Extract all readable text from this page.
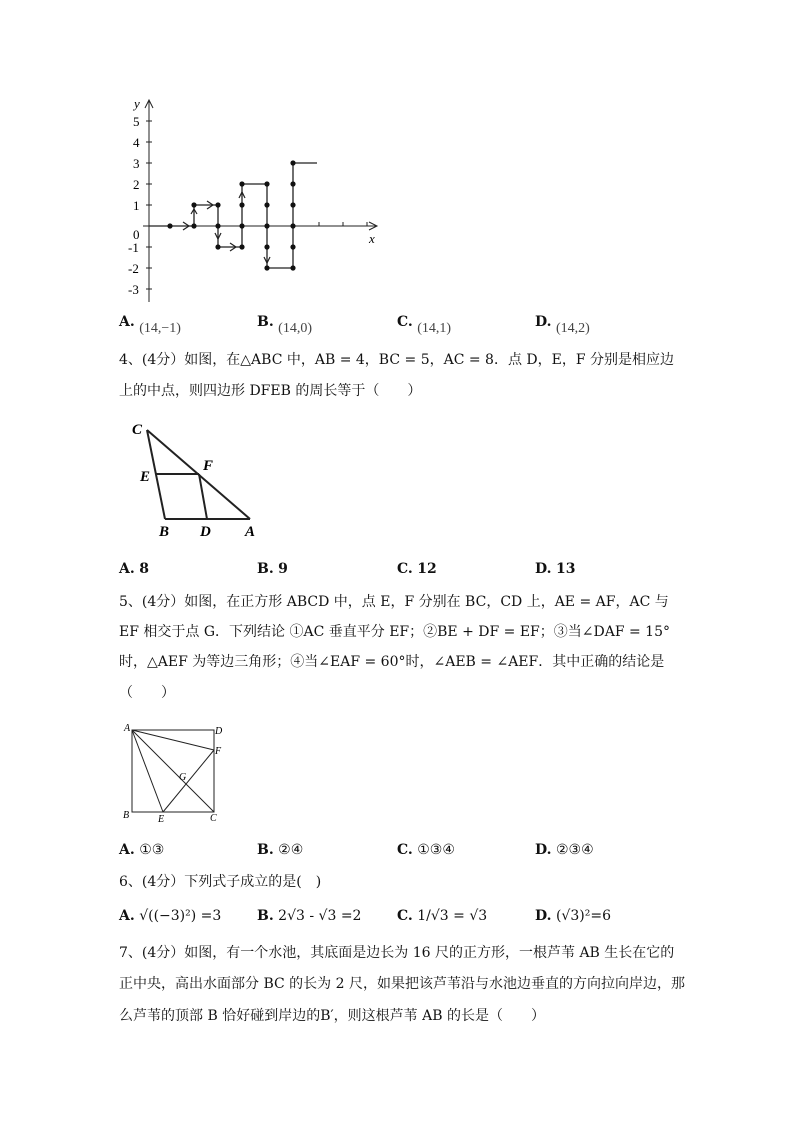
y
x
0
5
4
3
2
1
-1
-2
-3
A. (14,−1)	B. (14,0)	C. (14,1)	D. (14,2)
4、(4分）如图，在△ABC 中，AB = 4，BC = 5，AC = 8．点 D，E，F 分别是相应边
上的中点，则四边形 DFEB 的周长等于（　　）
C
E
F
B D A
A. 8	B. 9	C. 12	D. 13
5、(4分）如图，在正方形 ABCD 中，点 E，F 分别在 BC，CD 上，AE = AF，AC 与
EF 相交于点 G．下列结论 ①AC 垂直平分 EF；②BE + DF = EF；③当∠DAF = 15°
时，△AEF 为等边三角形；④当∠EAF = 60°时，∠AEB = ∠AEF．其中正确的结论是
（　　）
A	D
F
G
B	E	C
A. ①③	B. ②④	C. ①③④	D. ②③④
6、(4分）下列式子成立的是(　)
A. √((−3)²) =3	B. 2√3 - √3 =2	C. 1/√3 = √3	D. (√3)²=6
7、(4分）如图，有一个水池，其底面是边长为 16 尺的正方形，一根芦苇 AB 生长在它的
正中央，高出水面部分 BC 的长为 2 尺，如果把该芦苇沿与水池边垂直的方向拉向岸边，那
么芦苇的顶部 B 恰好碰到岸边的B′，则这根芦苇 AB 的长是（　　）
